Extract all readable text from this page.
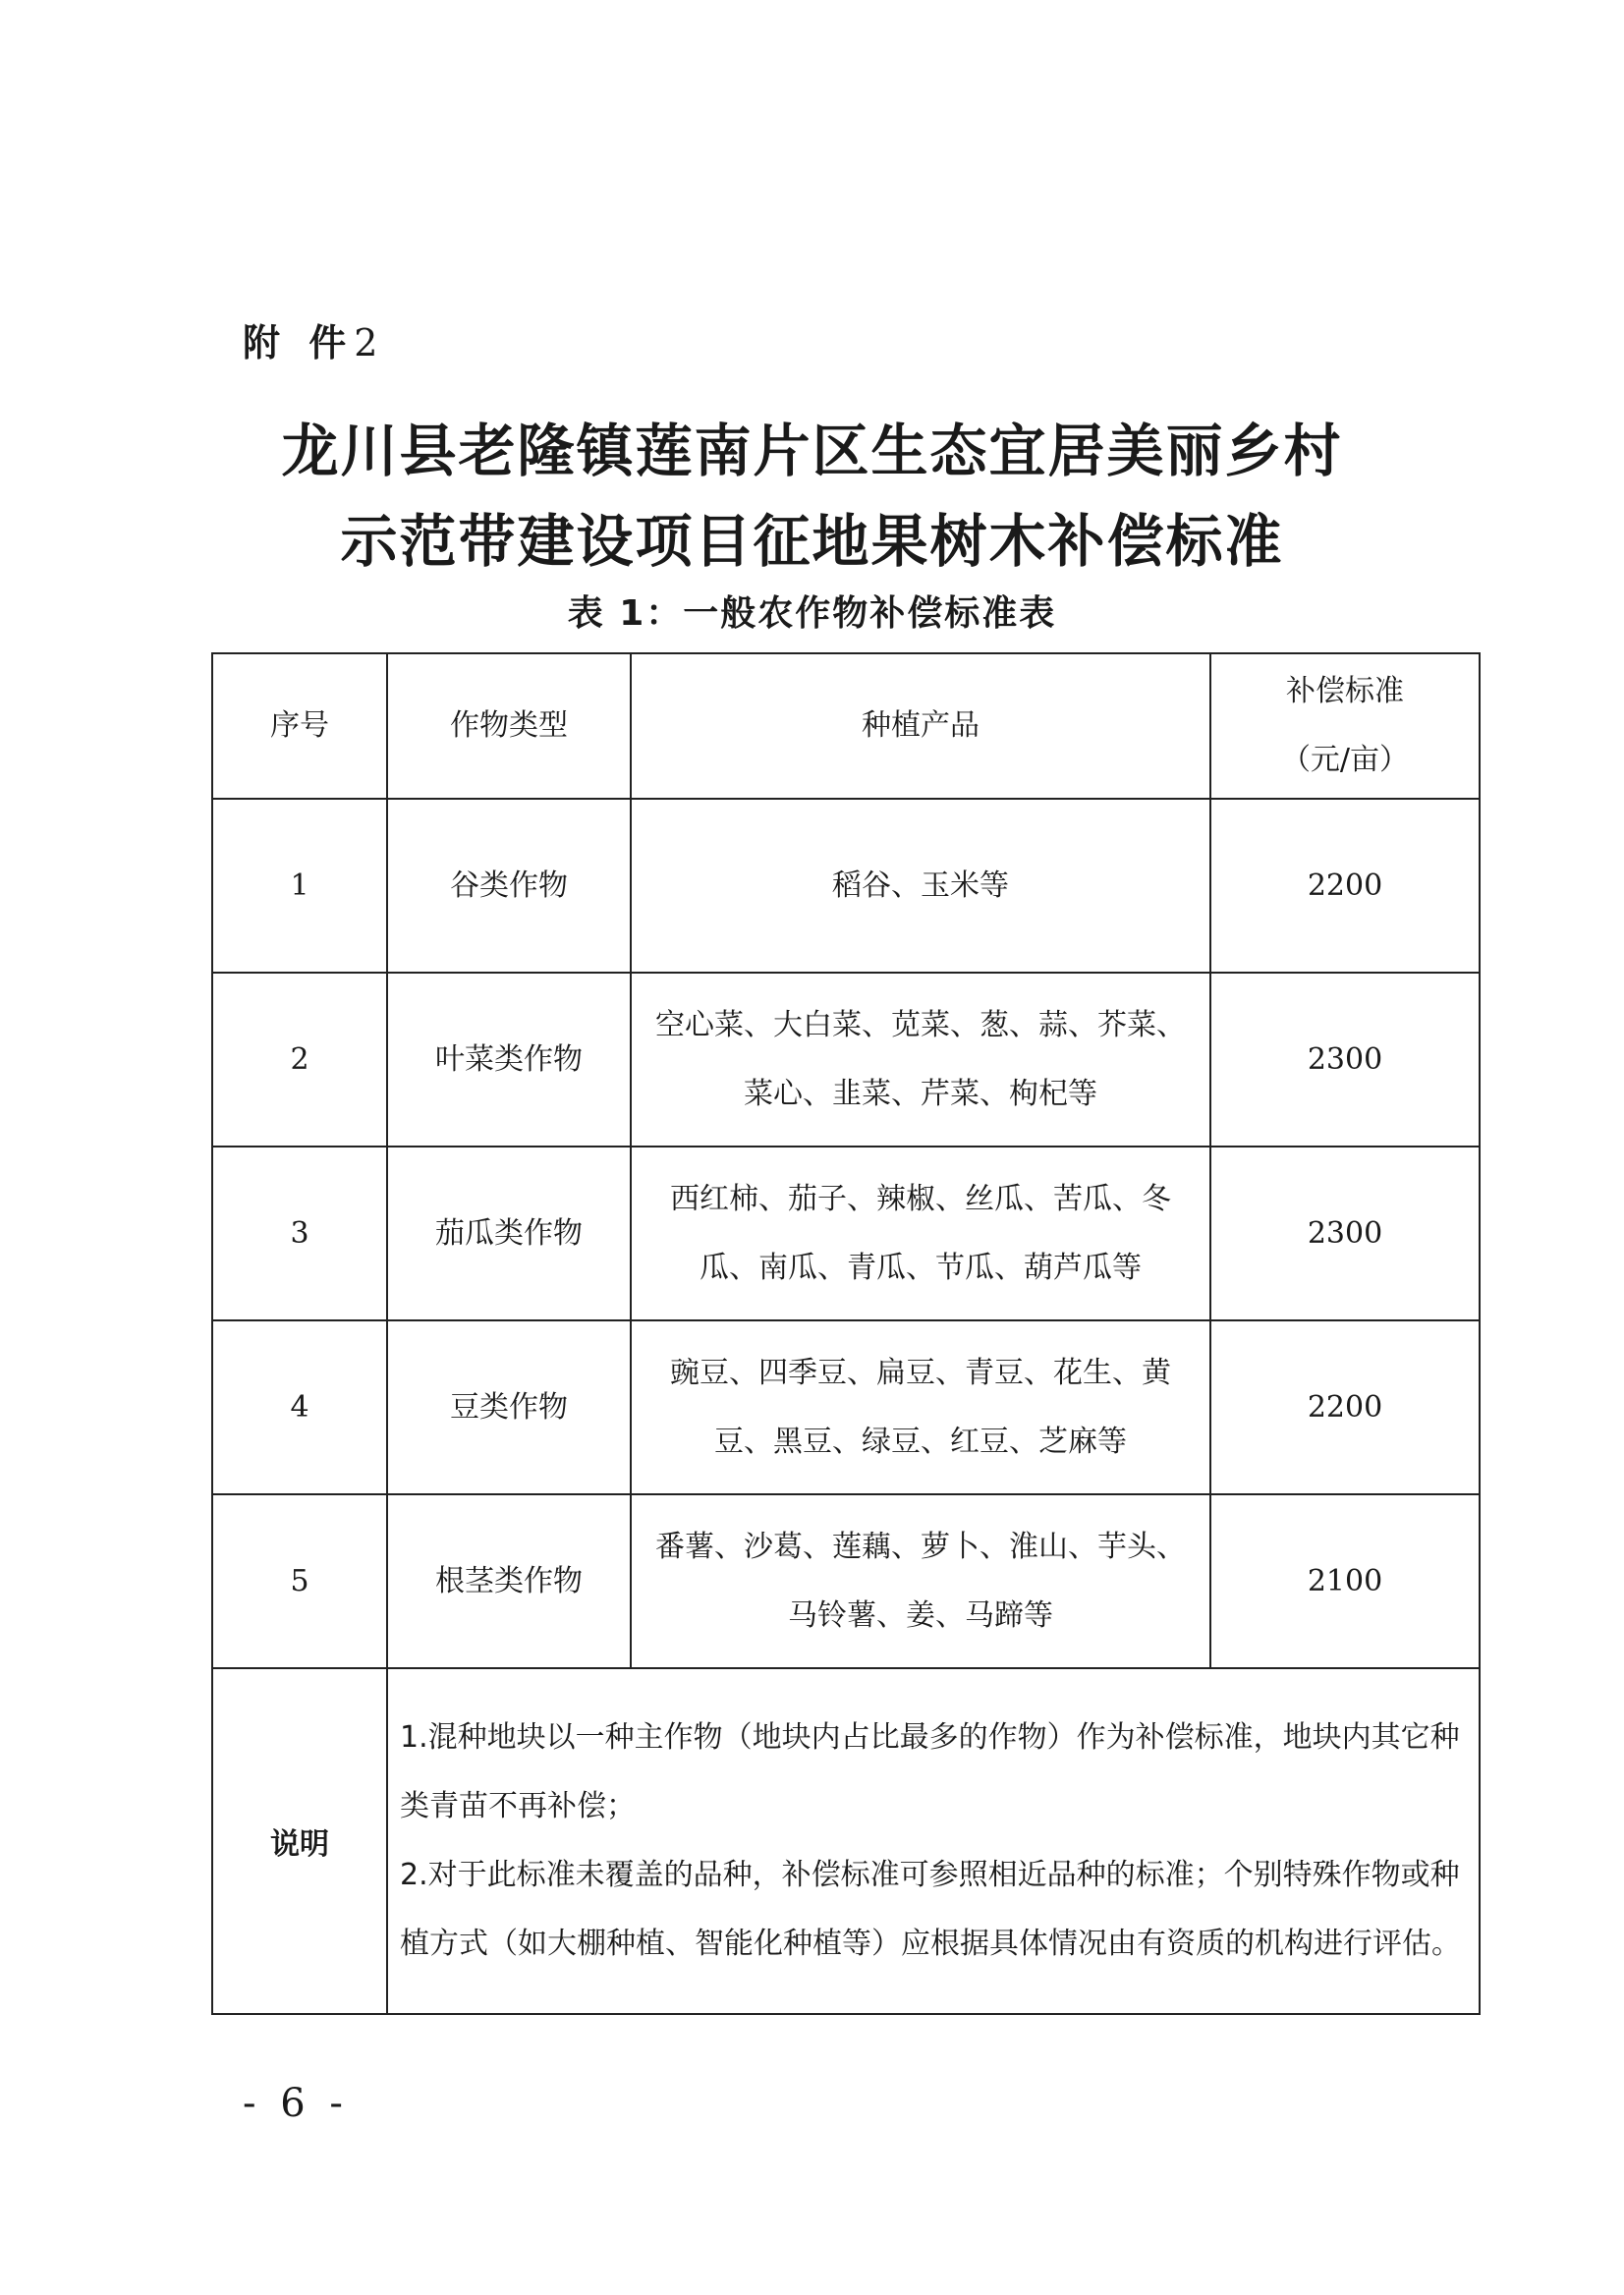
附 件2
龙川县老隆镇莲南片区生态宜居美丽乡村
示范带建设项目征地果树木补偿标准
表 1：一般农作物补偿标准表
序号	作物类型	种植产品	补偿标准
（元/亩）

1	谷类作物	稻谷、玉米等	2200
2	叶菜类作物	空心菜、大白菜、苋菜、葱、蒜、芥菜、菜心、韭菜、芹菜、枸杞等	2300
3	茄瓜类作物	西红柿、茄子、辣椒、丝瓜、苦瓜、冬瓜、南瓜、青瓜、节瓜、葫芦瓜等	2300
4	豆类作物	豌豆、四季豆、扁豆、青豆、花生、黄豆、黑豆、绿豆、红豆、芝麻等	2200
5	根茎类作物	番薯、沙葛、莲藕、萝卜、淮山、芋头、马铃薯、姜、马蹄等	2100
说明	1.混种地块以一种主作物（地块内占比最多的作物）作为补偿标准，地块内其它种类青苗不再补偿；
2.对于此标准未覆盖的品种，补偿标准可参照相近品种的标准；个别特殊作物或种植方式（如大棚种植、智能化种植等）应根据具体情况由有资质的机构进行评估。		
- 6 -
